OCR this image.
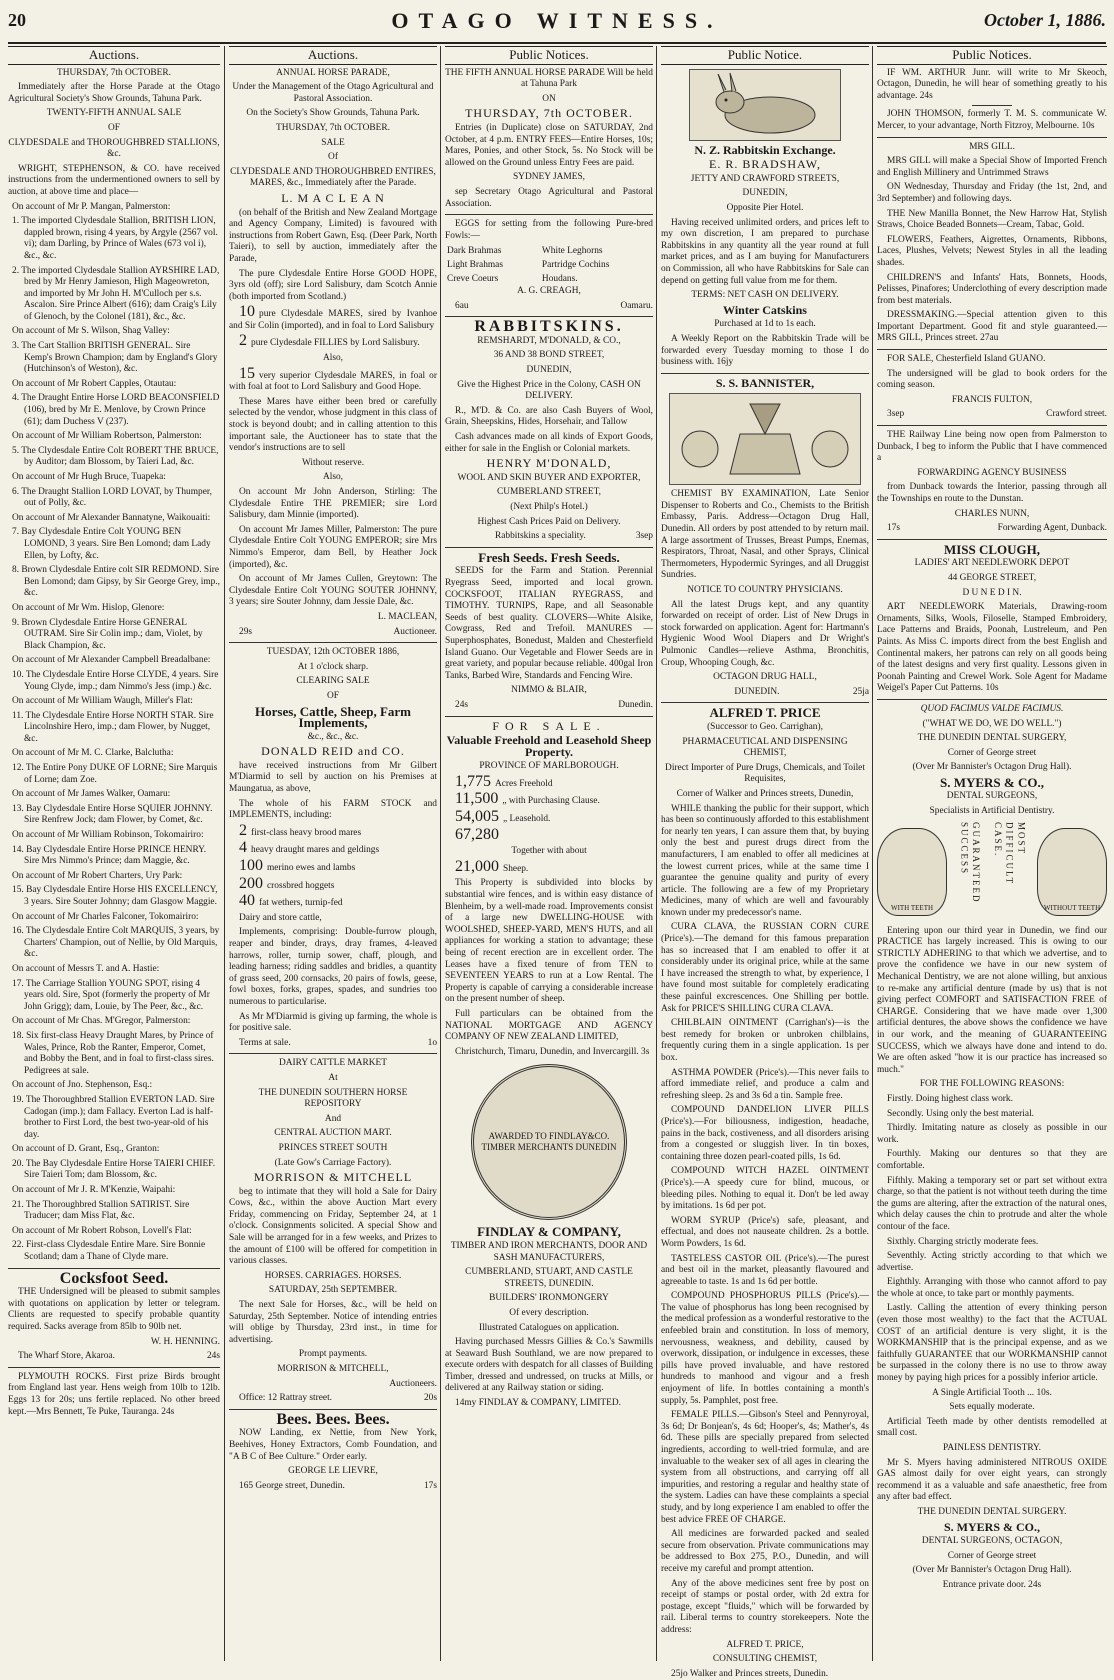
20	OTAGO WITNESS.	October 1, 1886.
Auctions.

THURSDAY, 7th OCTOBER.

Immediately after the Horse Parade at the Otago Agricultural Society's Show Grounds, Tahuna Park.

TWENTY-FIFTH ANNUAL SALE

OF

CLYDESDALE and THOROUGHBRED STALLIONS, &c.

WRIGHT, STEPHENSON, & CO. have received instructions from the undermentioned owners to sell by auction, at above time and place—

On account of Mr P. Mangan, Palmerston:

1. The imported Clydesdale Stallion, BRITISH LION, dappled brown, rising 4 years, by Argyle (2567 vol. vi); dam Darling, by Prince of Wales (673 vol i), &c., &c.

2. The imported Clydesdale Stallion AYRSHIRE LAD, bred by Mr Henry Jamieson, High Mageowreton, and imported by Mr John H. M'Culloch per s.s. Ascalon. Sire Prince Albert (616); dam Craig's Lily of Glenoch, by the Colonel (181), &c., &c.

On account of Mr S. Wilson, Shag Valley:

3. The Cart Stallion BRITISH GENERAL. Sire Kemp's Brown Champion; dam by England's Glory (Hutchinson's of Weston), &c.

On account of Mr Robert Capples, Otautau:

4. The Draught Entire Horse LORD BEACONSFIELD (106), bred by Mr E. Menlove, by Crown Prince (61); dam Duchess V (237).

On account of Mr William Robertson, Palmerston:

5. The Clydesdale Entire Colt ROBERT THE BRUCE, by Auditor; dam Blossom, by Taieri Lad, &c.

On account of Mr Hugh Bruce, Tuapeka:

6. The Draught Stallion LORD LOVAT, by Thumper, out of Polly, &c.

On account of Mr Alexander Bannatyne, Waikouaiti:

7. Bay Clydesdale Entire Colt YOUNG BEN LOMOND, 3 years. Sire Ben Lomond; dam Lady Ellen, by Lofty, &c.

8. Brown Clydesdale Entire colt SIR REDMOND. Sire Ben Lomond; dam Gipsy, by Sir George Grey, imp., &c.

On account of Mr Wm. Hislop, Glenore:

9. Brown Clydesdale Entire Horse GENERAL OUTRAM. Sire Sir Colin imp.; dam, Violet, by Black Champion, &c.

On account of Mr Alexander Campbell Breadalbane:

10. The Clydesdale Entire Horse CLYDE, 4 years. Sire Young Clyde, imp.; dam Nimmo's Jess (imp.) &c.

On account of Mr William Waugh, Miller's Flat:

11. The Clydesdale Entire Horse NORTH STAR. Sire Lincolnshire Hero, imp.; dam Flower, by Nugget, &c.

On account of Mr M. C. Clarke, Balclutha:

12. The Entire Pony DUKE OF LORNE; Sire Marquis of Lorne; dam Zoe.

On account of Mr James Walker, Oamaru:

13. Bay Clydesdale Entire Horse SQUIER JOHNNY. Sire Renfrew Jock; dam Flower, by Comet, &c.

On account of Mr William Robinson, Tokomairiro:

14. Bay Clydesdale Entire Horse PRINCE HENRY. Sire Mrs Nimmo's Prince; dam Maggie, &c.

On account of Mr Robert Charters, Ury Park:

15. Bay Clydesdale Entire Horse HIS EXCELLENCY, 3 years. Sire Souter Johnny; dam Glasgow Maggie.

On account of Mr Charles Falconer, Tokomairiro:

16. The Clydesdale Entire Colt MARQUIS, 3 years, by Charters' Champion, out of Nellie, by Old Marquis, &c.

On account of Messrs T. and A. Hastie:

17. The Carriage Stallion YOUNG SPOT, rising 4 years old. Sire, Spot (formerly the property of Mr John Grigg); dam, Louie, by The Peer, &c., &c.

On account of Mr Chas. M'Gregor, Palmerston:

18. Six first-class Heavy Draught Mares, by Prince of Wales, Prince, Rob the Ranter, Emperor, Comet, and Bobby the Bent, and in foal to first-class sires. Pedigrees at sale.

On account of Jno. Stephenson, Esq.:

19. The Thoroughbred Stallion EVERTON LAD. Sire Cadogan (imp.); dam Fallacy. Everton Lad is half-brother to First Lord, the best two-year-old of his day.

On account of D. Grant, Esq., Granton:

20. The Bay Clydesdale Entire Horse TAIERI CHIEF. Sire Taieri Tom; dam Blossom, &c.

On account of Mr J. R. M'Kenzie, Waipahi:

21. The Thoroughbred Stallion SATIRIST. Sire Traducer; dam Miss Flat, &c.

On account of Mr Robert Robson, Lovell's Flat:

22. First-class Clydesdale Entire Mare. Sire Bonnie Scotland; dam a Thane of Clyde mare.

Cocksfoot Seed.

THE Undersigned will be pleased to submit samples with quotations on application by letter or telegram. Clients are requested to specify probable quantity required. Sacks average from 85lb to 90lb net.

W. H. HENNING.

The Wharf Store, Akaroa.	24s

PLYMOUTH ROCKS. First prize Birds brought from England last year. Hens weigh from 10lb to 12lb. Eggs 13 for 20s; uns fertile replaced. No other breed kept.—Mrs Bennett, Te Puke, Tauranga. 24s

Auctions.

ANNUAL HORSE PARADE,

Under the Management of the Otago Agricultural and Pastoral Association.

On the Society's Show Grounds, Tahuna Park.

THURSDAY, 7th OCTOBER.

SALE

Of

CLYDESDALE AND THOROUGHBRED ENTIRES, MARES, &c., Immediately after the Parade.

L. M A C L E A N

(on behalf of the British and New Zealand Mortgage and Agency Company, Limited) is favoured with instructions from Robert Gawn, Esq. (Deer Park, North Taieri), to sell by auction, immediately after the Parade,

The pure Clydesdale Entire Horse GOOD HOPE, 3yrs old (off); sire Lord Salisbury, dam Scotch Annie (both imported from Scotland.)

10 pure Clydesdale MARES, sired by Ivanhoe and Sir Colin (imported), and in foal to Lord Salisbury

2 pure Clydesdale FILLIES by Lord Salisbury.

Also,

15 very superior Clydesdale MARES, in foal or with foal at foot to Lord Salisbury and Good Hope.

These Mares have either been bred or carefully selected by the vendor, whose judgment in this class of stock is beyond doubt; and in calling attention to this important sale, the Auctioneer has to state that the vendor's instructions are to sell

Without reserve.

Also,

On account Mr John Anderson, Stirling: The Clydesdale Entire THE PREMIER; sire Lord Salisbury, dam Minnie (imported).

On account Mr James Miller, Palmerston: The pure Clydesdale Entire Colt YOUNG EMPEROR; sire Mrs Nimmo's Emperor, dam Bell, by Heather Jock (imported), &c.

On account of Mr James Cullen, Greytown: The Clydesdale Entire Colt YOUNG SOUTER JOHNNY, 3 years; sire Souter Johnny, dam Jessie Dale, &c.

L. MACLEAN,

29s	Auctioneer.

TUESDAY, 12th OCTOBER 1886,

At 1 o'clock sharp.

CLEARING SALE

OF

Horses, Cattle, Sheep, Farm Implements,

&c., &c., &c.

DONALD REID and CO.

have received instructions from Mr Gilbert M'Diarmid to sell by auction on his Premises at Maungatua, as above,

The whole of his FARM STOCK and IMPLEMENTS, including:

2 first-class heavy brood mares

4 heavy draught mares and geldings

100 merino ewes and lambs

200 crossbred hoggets

40 fat wethers, turnip-fed

Dairy and store cattle,

Implements, comprising: Double-furrow plough, reaper and binder, drays, dray frames, 4-leaved harrows, roller, turnip sower, chaff, plough, and leading harness; riding saddles and bridles, a quantity of grass seed, 200 cornsacks, 20 pairs of fowls, geese, fowl boxes, forks, grapes, spades, and sundries too numerous to particularise.

As Mr M'Diarmid is giving up farming, the whole is for positive sale.

Terms at sale.	1o

DAIRY CATTLE MARKET

At

THE DUNEDIN SOUTHERN HORSE REPOSITORY

And

CENTRAL AUCTION MART.

PRINCES STREET SOUTH

(Late Gow's Carriage Factory).

MORRISON & MITCHELL

beg to intimate that they will hold a Sale for Dairy Cows, &c., within the above Auction Mart every Friday, commencing on Friday, September 24, at 1 o'clock. Consignments solicited. A special Show and Sale will be arranged for in a few weeks, and Prizes to the amount of £100 will be offered for competition in various classes.

HORSES. CARRIAGES. HORSES.

SATURDAY, 25th SEPTEMBER.

The next Sale for Horses, &c., will be held on Saturday, 25th September. Notice of intending entries will oblige by Thursday, 23rd inst., in time for advertising.

Prompt payments.

MORRISON & MITCHELL,

Auctioneers.

Office: 12 Rattray street.	20s

Bees. Bees. Bees.

NOW Landing, ex Nettie, from New York, Beehives, Honey Extractors, Comb Foundation, and "A B C of Bee Culture." Order early.

GEORGE LE LIEVRE,

165 George street, Dunedin.	17s

Public Notices.

THE FIFTH ANNUAL HORSE PARADE Will be held at Tahuna Park

ON

THURSDAY, 7th OCTOBER.

Entries (in Duplicate) close on SATURDAY, 2nd October, at 4 p.m. ENTRY FEES—Entire Horses, 10s; Mares, Ponies, and other Stock, 5s. No Stock will be allowed on the Ground unless Entry Fees are paid.

SYDNEY JAMES,

sep Secretary Otago Agricultural and Pastoral Association.

EGGS for setting from the following Pure-bred Fowls:—

Dark Brahmas	White Leghorns
Light Brahmas	Partridge Cochins
Creve Coeurs	Houdans.

A. G. CREAGH,

6au	Oamaru.

RABBITSKINS.

REMSHARDT, M'DONALD, & CO.,

36 AND 38 BOND STREET,

DUNEDIN,

Give the Highest Price in the Colony, CASH ON DELIVERY.

R., M'D. & Co. are also Cash Buyers of Wool, Grain, Sheepskins, Hides, Horsehair, and Tallow

Cash advances made on all kinds of Export Goods, either for sale in the English or Colonial markets.

HENRY M'DONALD,

WOOL AND SKIN BUYER AND EXPORTER,

CUMBERLAND STREET,

(Next Philp's Hotel.)

Highest Cash Prices Paid on Delivery.

Rabbitskins a speciality.	3sep

Fresh Seeds. Fresh Seeds.

SEEDS for the Farm and Station. Perennial Ryegrass Seed, imported and local grown. COCKSFOOT, ITALIAN RYEGRASS, and TIMOTHY. TURNIPS, Rape, and all Seasonable Seeds of best quality. CLOVERS—White Alsike, Cowgrass, Red and Trefoil. MANURES — Superphosphates, Bonedust, Malden and Chesterfield Island Guano. Our Vegetable and Flower Seeds are in great variety, and popular because reliable. 400gal Iron Tanks, Barbed Wire, Standards and Fencing Wire.

NIMMO & BLAIR,

24s	Dunedin.

FOR SALE.

Valuable Freehold and Leasehold Sheep Property.

PROVINCE OF MARLBOROUGH.

1,775 Acres Freehold

11,500 „ with Purchasing Clause.

54,005 „ Leasehold.

67,280

Together with about

21,000 Sheep.

This Property is subdivided into blocks by substantial wire fences, and is within easy distance of Blenheim, by a well-made road. Improvements consist of a large new DWELLING-HOUSE with WOOLSHED, SHEEP-YARD, MEN'S HUTS, and all appliances for working a station to advantage; these being of recent erection are in excellent order. The Leases have a fixed tenure of from TEN to SEVENTEEN YEARS to run at a Low Rental. The Property is capable of carrying a considerable increase on the present number of sheep.

Full particulars can be obtained from the NATIONAL MORTGAGE AND AGENCY COMPANY OF NEW ZEALAND LIMITED,

Christchurch, Timaru, Dunedin, and Invercargill. 3s

AWARDED TO FINDLAY&CO. TIMBER MERCHANTS DUNEDIN
FINDLAY & COMPANY,

TIMBER AND IRON MERCHANTS, DOOR AND SASH MANUFACTURERS,

CUMBERLAND, STUART, AND CASTLE STREETS, DUNEDIN.

BUILDERS' IRONMONGERY

Of every description.

Illustrated Catalogues on application.

Having purchased Messrs Gillies & Co.'s Sawmills at Seaward Bush Southland, we are now prepared to execute orders with despatch for all classes of Building Timber, dressed and undressed, on trucks at Mills, or delivered at any Railway station or siding.

14my FINDLAY & COMPANY, LIMITED.

Public Notice.
N. Z. Rabbitskin Exchange.

E. R. BRADSHAW,

JETTY AND CRAWFORD STREETS,

DUNEDIN,

Opposite Pier Hotel.

Having received unlimited orders, and prices left to my own discretion, I am prepared to purchase Rabbitskins in any quantity all the year round at full market prices, and as I am buying for Manufacturers on Commission, all who have Rabbitskins for Sale can depend on getting full value from me for them.

TERMS: NET CASH ON DELIVERY.

Winter Catskins

Purchased at 1d to 1s each.

A Weekly Report on the Rabbitskin Trade will be forwarded every Tuesday morning to those I do business with. 16jy

S. S. BANNISTER,

CHEMIST BY EXAMINATION, Late Senior Dispenser to Roberts and Co., Chemists to the British Embassy, Paris. Address—Octagon Drug Hall, Dunedin. All orders by post attended to by return mail. A large assortment of Trusses, Breast Pumps, Enemas, Respirators, Throat, Nasal, and other Sprays, Clinical Thermometers, Hypodermic Syringes, and all Druggist Sundries.

NOTICE TO COUNTRY PHYSICIANS.

All the latest Drugs kept, and any quantity forwarded on receipt of order. List of New Drugs in stock forwarded on application. Agent for: Hartmann's Hygienic Wood Wool Diapers and Dr Wright's Pulmonic Candles—relieve Asthma, Bronchitis, Croup, Whooping Cough, &c.

OCTAGON DRUG HALL,

DUNEDIN.	25ja

ALFRED T. PRICE

(Successor to Geo. Carrighan),

PHARMACEUTICAL AND DISPENSING CHEMIST,

Direct Importer of Pure Drugs, Chemicals, and Toilet Requisites,

Corner of Walker and Princes streets, Dunedin,

WHILE thanking the public for their support, which has been so continuously afforded to this establishment for nearly ten years, I can assure them that, by buying only the best and purest drugs direct from the manufacturers, I am enabled to offer all medicines at the lowest current prices, while at the same time I guarantee the genuine quality and purity of every article. The following are a few of my Proprietary Medicines, many of which are well and favourably known under my predecessor's name.

CURA CLAVA, the RUSSIAN CORN CURE (Price's).—The demand for this famous preparation has so increased that I am enabled to offer it at considerably under its original price, while at the same I have increased the strength to what, by experience, I have found most suitable for completely eradicating these painful excrescences. One Shilling per bottle. Ask for PRICE'S SHILLING CURA CLAVA.

CHILBLAIN OINTMENT (Carrighan's)—is the best remedy for broken or unbroken chilblains, frequently curing them in a single application. 1s per box.

ASTHMA POWDER (Price's).—This never fails to afford immediate relief, and produce a calm and refreshing sleep. 2s and 3s 6d a tin. Sample free.

COMPOUND DANDELION LIVER PILLS (Price's).—For biliousness, indigestion, headache, pains in the back, costiveness, and all disorders arising from a congested or sluggish liver. In tin boxes, containing three dozen pearl-coated pills, 1s 6d.

COMPOUND WITCH HAZEL OINTMENT (Price's).—A speedy cure for blind, mucous, or bleeding piles. Nothing to equal it. Don't be led away by imitations. 1s 6d per pot.

WORM SYRUP (Price's) safe, pleasant, and effectual, and does not nauseate children. 2s a bottle. Worm Powders, 1s 6d.

TASTELESS CASTOR OIL (Price's).—The purest and best oil in the market, pleasantly flavoured and agreeable to taste. 1s and 1s 6d per bottle.

COMPOUND PHOSPHORUS PILLS (Price's).—The value of phosphorus has long been recognised by the medical profession as a wonderful restorative to the enfeebled brain and constitution. In loss of memory, nervousness, weakness, and debility, caused by overwork, dissipation, or indulgence in excesses, these pills have proved invaluable, and have restored hundreds to manhood and vigour and a fresh enjoyment of life. In bottles containing a month's supply, 5s. Pamphlet, post free.

FEMALE PILLS.—Gibson's Steel and Pennyroyal, 3s 6d; Dr Bonjean's, 4s 6d; Hooper's, 4s; Mather's, 4s 6d. These pills are specially prepared from selected ingredients, according to well-tried formulæ, and are invaluable to the weaker sex of all ages in clearing the system from all obstructions, and carrying off all impurities, and restoring a regular and healthy state of the system. Ladies can have these complaints a special study, and by long experience I am enabled to offer the best advice FREE OF CHARGE.

All medicines are forwarded packed and sealed secure from observation. Private communications may be addressed to Box 275, P.O., Dunedin, and will receive my careful and prompt attention.

Any of the above medicines sent free by post on receipt of stamps or postal order, with 2d extra for postage, except "fluids," which will be forwarded by rail. Liberal terms to country storekeepers. Note the address:

ALFRED T. PRICE,

CONSULTING CHEMIST,

25jo Walker and Princes streets, Dunedin.

Public Notices.

IF WM. ARTHUR Junr. will write to Mr Skeoch, Octagon, Dunedin, he will hear of something greatly to his advantage. 24s

JOHN THOMSON, formerly T. M. S. communicate W. Mercer, to your advantage, North Fitzroy, Melbourne. 10s

MRS GILL.

MRS GILL will make a Special Show of Imported French and English Millinery and Untrimmed Straws

ON Wednesday, Thursday and Friday (the 1st, 2nd, and 3rd September) and following days.

THE New Manilla Bonnet, the New Harrow Hat, Stylish Straws, Choice Beaded Bonnets—Cream, Tabac, Gold.

FLOWERS, Feathers, Aigrettes, Ornaments, Ribbons, Laces, Plushes, Velvets; Newest Styles in all the leading shades.

CHILDREN'S and Infants' Hats, Bonnets, Hoods, Pelisses, Pinafores; Underclothing of every description made from best materials.

DRESSMAKING.—Special attention given to this Important Department. Good fit and style guaranteed.—MRS GILL, Princes street. 27au

FOR SALE, Chesterfield Island GUANO.

The undersigned will be glad to book orders for the coming season.

FRANCIS FULTON,

3sep	Crawford street.

THE Railway Line being now open from Palmerston to Dunback, I beg to inform the Public that I have commenced a

FORWARDING AGENCY BUSINESS

from Dunback towards the Interior, passing through all the Townships en route to the Dunstan.

CHARLES NUNN,

17s	Forwarding Agent, Dunback.

MISS CLOUGH,

LADIES' ART NEEDLEWORK DEPOT

44 GEORGE STREET,

D U N E D I N.

ART NEEDLEWORK Materials, Drawing-room Ornaments, Silks, Wools, Filoselle, Stamped Embroidery, Lace Patterns and Braids, Poonah, Lustreleum, and Pen Paints. As Miss C. imports direct from the best English and Continental makers, her patrons can rely on all goods being of the latest designs and very first quality. Lessons given in Poonah Painting and Crewel Work. Sole Agent for Madame Weigel's Paper Cut Patterns. 10s

QUOD FACIMUS VALDE FACIMUS.

("WHAT WE DO, WE DO WELL.")

THE DUNEDIN DENTAL SURGERY,

Corner of George street

(Over Mr Bannister's Octagon Drug Hall).

S. MYERS & CO.,

DENTAL SURGEONS,

Specialists in Artificial Dentistry.

WITH TEETH
GUARANTEED SUCCESS	MOST DIFFICULT CASE.
WITHOUT TEETH

Entering upon our third year in Dunedin, we find our PRACTICE has largely increased. This is owing to our STRICTLY ADHERING to that which we advertise, and to prove the confidence we have in our new system of Mechanical Dentistry, we are not alone willing, but anxious to re-make any artificial denture (made by us) that is not giving perfect COMFORT and SATISFACTION FREE of CHARGE. Considering that we have made over 1,300 artificial dentures, the above shows the confidence we have in our work, and the meaning of GUARANTEEING SUCCESS, which we always have done and intend to do. We are often asked "how it is our practice has increased so much."

FOR THE FOLLOWING REASONS:

Firstly. Doing highest class work.

Secondly. Using only the best material.

Thirdly. Imitating nature as closely as possible in our work.

Fourthly. Making our dentures so that they are comfortable.

Fifthly. Making a temporary set or part set without extra charge, so that the patient is not without teeth during the time the gums are altering, after the extraction of the natural ones, which delay causes the chin to protrude and alter the whole contour of the face.

Sixthly. Charging strictly moderate fees.

Seventhly. Acting strictly according to that which we advertise.

Eighthly. Arranging with those who cannot afford to pay the whole at once, to take part or monthly payments.

Lastly. Calling the attention of every thinking person (even those most wealthy) to the fact that the ACTUAL COST of an artificial denture is very slight, it is the WORKMANSHIP that is the principal expense, and as we faithfully GUARANTEE that our WORKMANSHIP cannot be surpassed in the colony there is no use to throw away money by paying high prices for a possibly inferior article.

A Single Artificial Tooth ... 10s.

Sets equally moderate.

Artificial Teeth made by other dentists remodelled at small cost.

PAINLESS DENTISTRY.

Mr S. Myers having administered NITROUS OXIDE GAS almost daily for over eight years, can strongly recommend it as a valuable and safe anaesthetic, free from any after bad effect.

THE DUNEDIN DENTAL SURGERY.

S. MYERS & CO.,

DENTAL SURGEONS, OCTAGON,

Corner of George street

(Over Mr Bannister's Octagon Drug Hall).

Entrance private door. 24s
